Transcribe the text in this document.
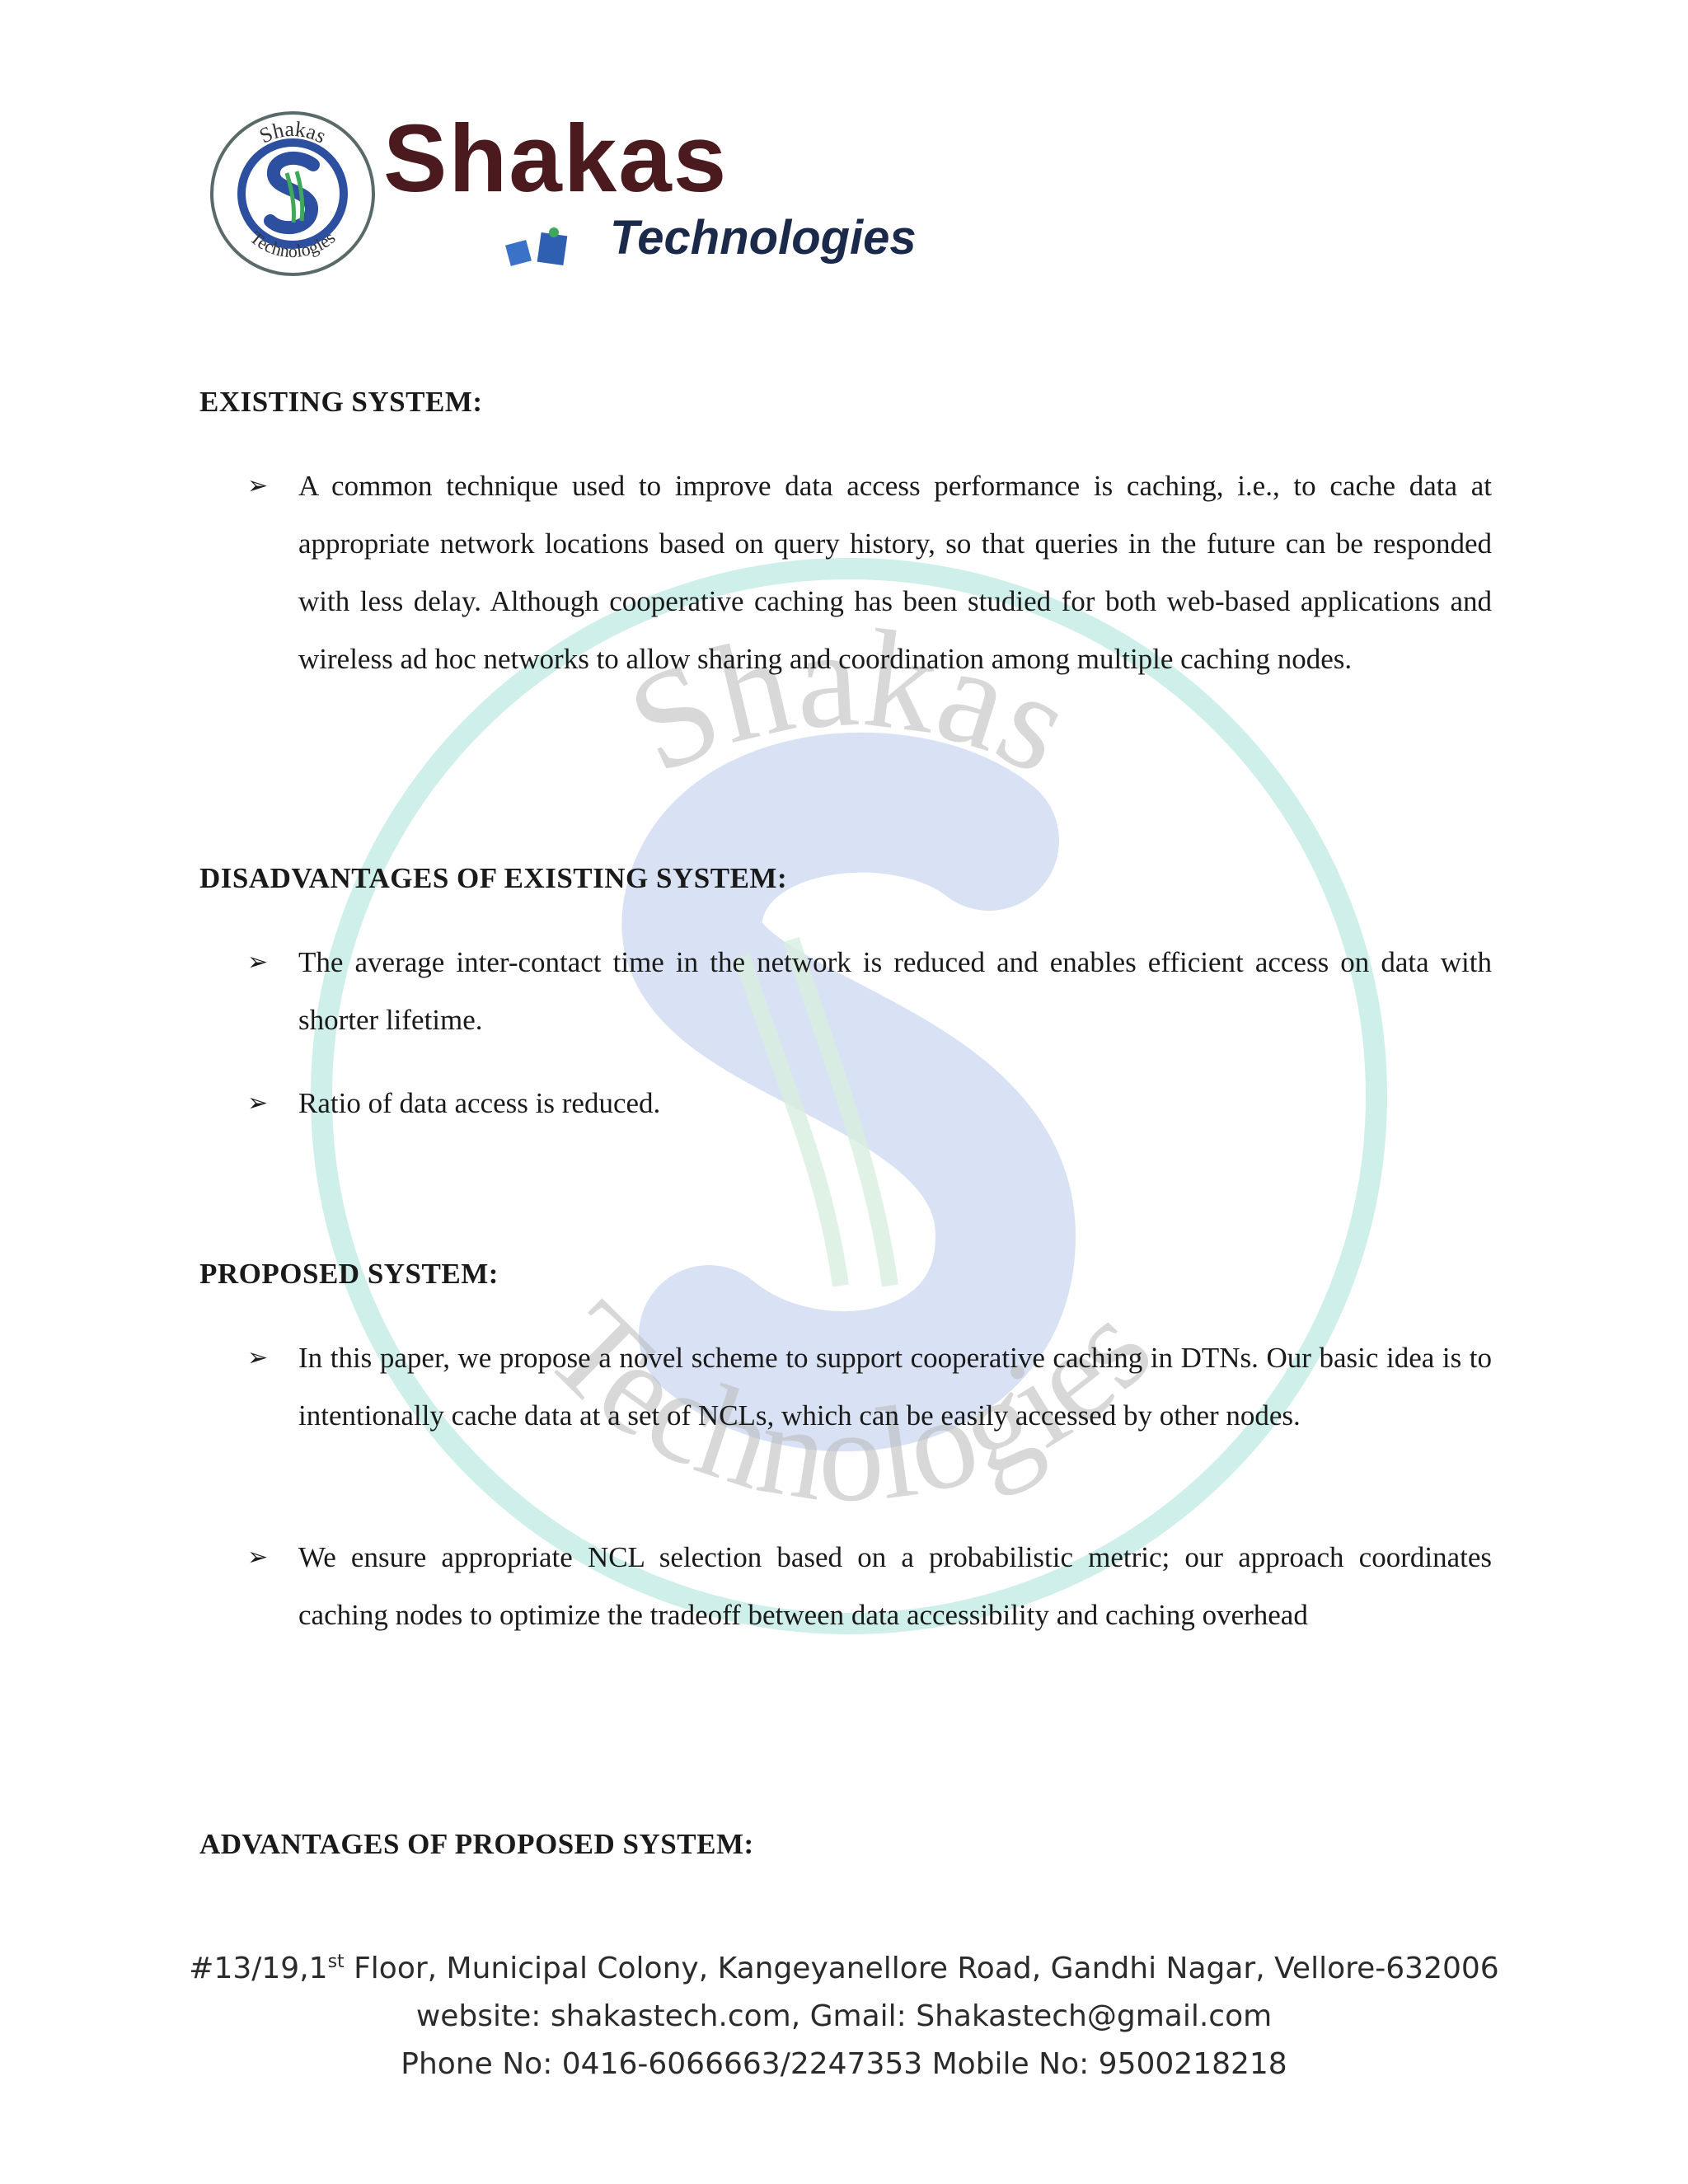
Shakas
Technologies
Shakas
Technologies
Shakas
Technologies
EXISTING SYSTEM:
➢ A common technique used to improve data access performance is caching, i.e., to cache data at appropriate network locations based on query history, so that queries in the future can be responded with less delay. Although cooperative caching has been studied for both web-based applications and wireless ad hoc networks to allow sharing and coordination among multiple caching nodes.
DISADVANTAGES OF EXISTING SYSTEM:
➢ The average inter-contact time in the network is reduced and enables efficient access on data with shorter lifetime.
➢ Ratio of data access is reduced.
PROPOSED SYSTEM:
➢ In this paper, we propose a novel scheme to support cooperative caching in DTNs. Our basic idea is to intentionally cache data at a set of NCLs, which can be easily accessed by other nodes.
➢ We ensure appropriate NCL selection based on a probabilistic metric; our approach coordinates caching nodes to optimize the tradeoff between data accessibility and caching overhead
ADVANTAGES OF PROPOSED SYSTEM:
#13/19,1st Floor, Municipal Colony, Kangeyanellore Road, Gandhi Nagar, Vellore-632006
website: shakastech.com, Gmail: Shakastech@gmail.com
Phone No: 0416-6066663/2247353 Mobile No: 9500218218
